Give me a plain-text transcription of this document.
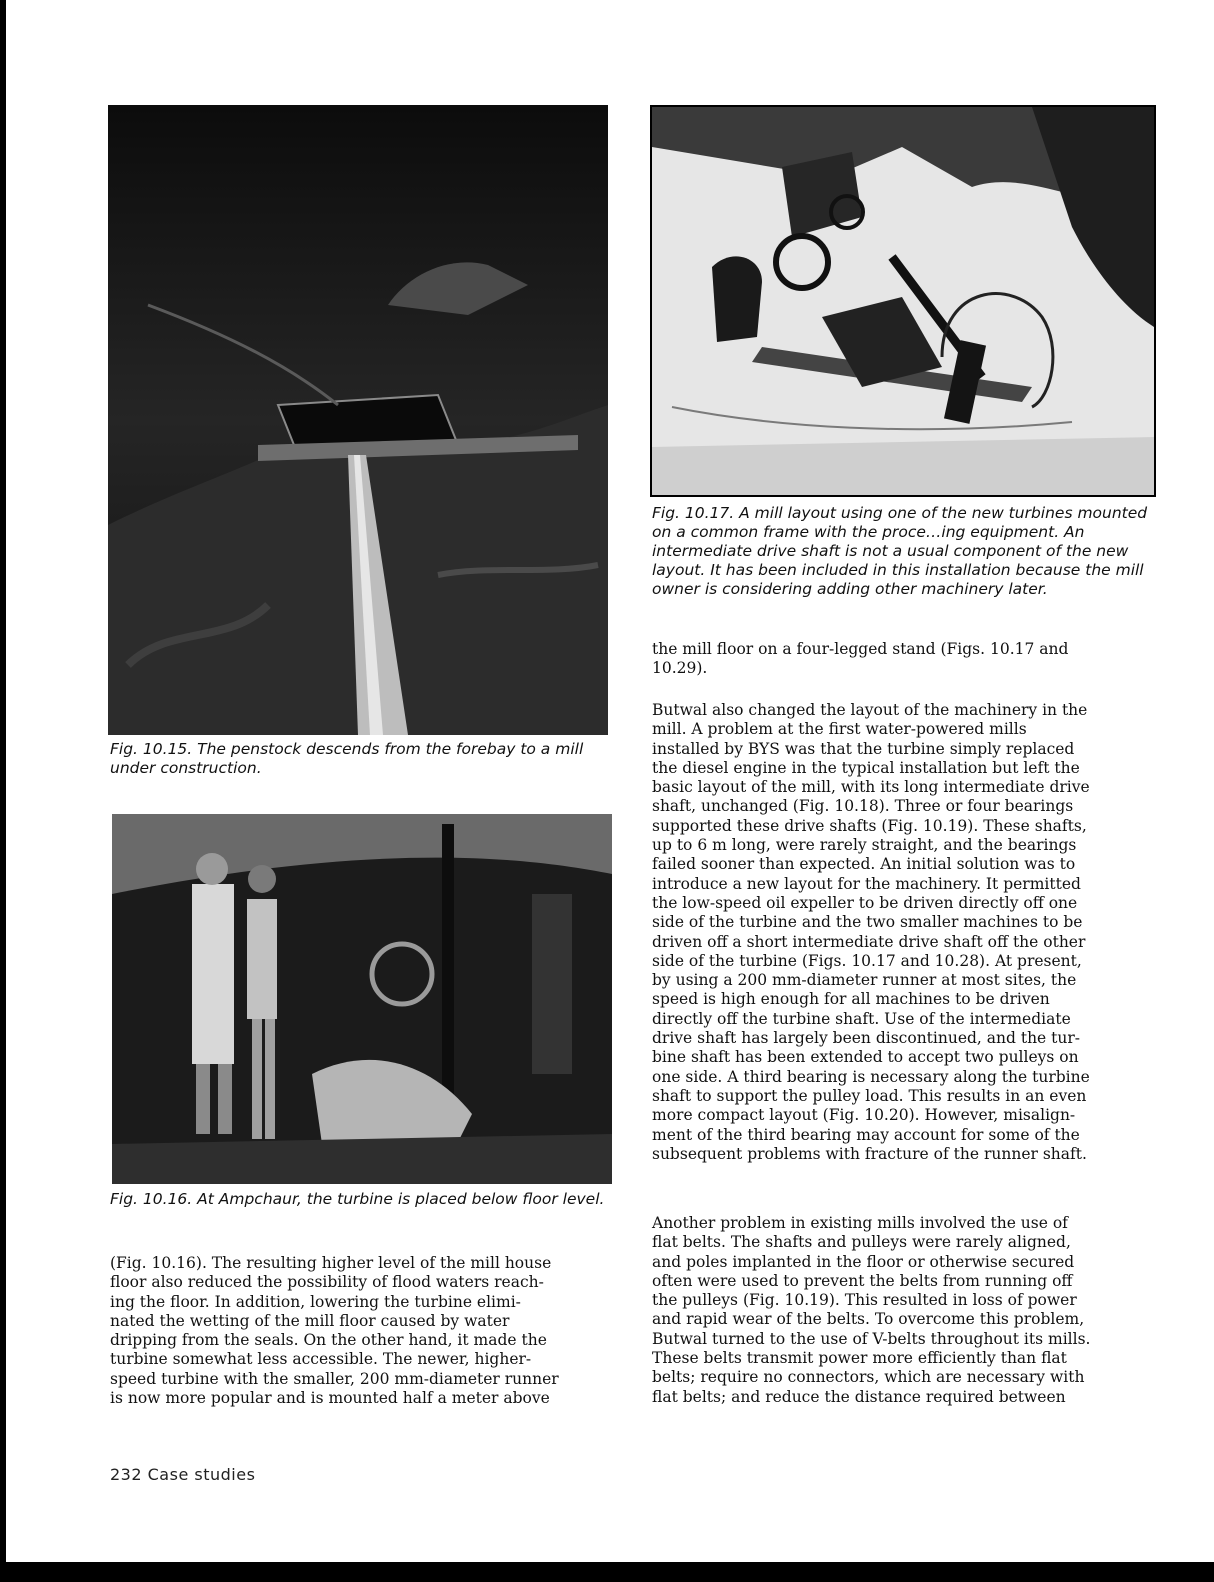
Fig. 10.15. The penstock descends from the forebay to a mill under construction.
Fig. 10.16. At Ampchaur, the turbine is placed below floor level.
Fig. 10.17. A mill layout using one of the new turbines mounted on a common frame with the proce…ing equipment. An intermediate drive shaft is not a usual component of the new layout. It has been included in this installation because the mill owner is considering adding other machinery later.

(Fig. 10.16). The resulting higher level of the mill house
floor also reduced the possibility of flood waters reach-
ing the floor. In addition, lowering the turbine elimi-
nated the wetting of the mill floor caused by water
dripping from the seals. On the other hand, it made the
turbine somewhat less accessible. The newer, higher-
speed turbine with the smaller, 200 mm-diameter runner
is now more popular and is mounted half a meter above

the mill floor on a four-legged stand (Figs. 10.17 and
10.29).

Butwal also changed the layout of the machinery in the
mill. A problem at the first water-powered mills
installed by BYS was that the turbine simply replaced
the diesel engine in the typical installation but left the
basic layout of the mill, with its long intermediate drive
shaft, unchanged (Fig. 10.18). Three or four bearings
supported these drive shafts (Fig. 10.19). These shafts,
up to 6 m long, were rarely straight, and the bearings
failed sooner than expected. An initial solution was to
introduce a new layout for the machinery. It permitted
the low-speed oil expeller to be driven directly off one
side of the turbine and the two smaller machines to be
driven off a short intermediate drive shaft off the other
side of the turbine (Figs. 10.17 and 10.28). At present,
by using a 200 mm-diameter runner at most sites, the
speed is high enough for all machines to be driven
directly off the turbine shaft. Use of the intermediate
drive shaft has largely been discontinued, and the tur-
bine shaft has been extended to accept two pulleys on
one side. A third bearing is necessary along the turbine
shaft to support the pulley load. This results in an even
more compact layout (Fig. 10.20). However, misalign-
ment of the third bearing may account for some of the
subsequent problems with fracture of the runner shaft.

Another problem in existing mills involved the use of
flat belts. The shafts and pulleys were rarely aligned,
and poles implanted in the floor or otherwise secured
often were used to prevent the belts from running off
the pulleys (Fig. 10.19). This resulted in loss of power
and rapid wear of the belts. To overcome this problem,
Butwal turned to the use of V-belts throughout its mills.
These belts transmit power more efficiently than flat
belts; require no connectors, which are necessary with
flat belts; and reduce the distance required between

232 Case studies
